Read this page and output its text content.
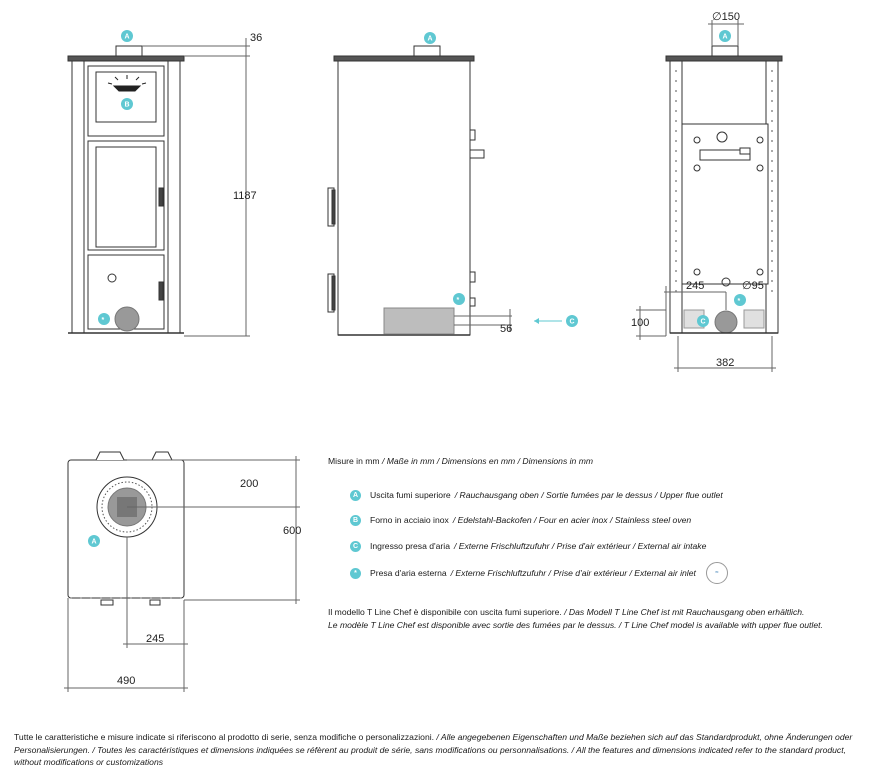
36
1187
56
∅150
245	∅95
100
382
200
600
245
490
A
B
*
A
*
C
A
*
C
A
Misure in mm / Maße in mm / Dimensions en mm / Dimensions in mm
A	Uscita fumi superiore / Rauchausgang oben / Sortie fumées par le dessus / Upper flue outlet
B	Forno in acciaio inox / Edelstahl-Backofen / Four en acier inox / Stainless steel oven
C	Ingresso presa d'aria / Externe Frischluftzufuhr / Prise d'air extérieur / External air intake
*	Presa d'aria esterna / Externe Frischluftzufuhr / Prise d'air extérieur / External air inlet	≈
Il modello T Line Chef è disponibile con uscita fumi superiore. / Das Modell T Line Chef ist mit Rauchausgang oben erhältlich.
Le modèle T Line Chef est disponible avec sortie des fumées par le dessus. / T Line Chef model is available with upper flue outlet.
Tutte le caratteristiche e misure indicate si riferiscono al prodotto di serie, senza modifiche o personalizzazioni. / Alle angegebenen Eigenschaften und Maße beziehen sich auf das Standardprodukt, ohne Änderungen oder Personalisierungen. / Toutes les caractéristiques et dimensions indiquées se réfèrent au produit de série, sans modifications ou personnalisations. / All the features and dimensions indicated refer to the standard product, without modifications or customizations
